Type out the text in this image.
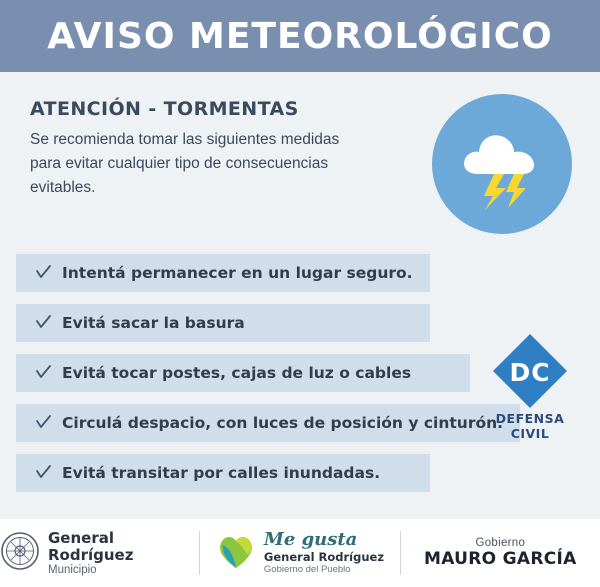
AVISO METEOROLÓGICO
ATENCIÓN - TORMENTAS
Se recomienda tomar las siguientes medidas para evitar cualquier tipo de consecuencias evitables.
Intentá permanecer en un lugar seguro.
Evitá sacar la basura
Evitá tocar postes, cajas de luz o cables
Circulá despacio, con luces de posición y cinturón.
Evitá transitar por calles inundadas.
DC
DEFENSA CIVIL
General Rodríguez
Municipio
Me gusta
General Rodríguez
Gobierno del Pueblo
Gobierno
MAURO GARCÍA
